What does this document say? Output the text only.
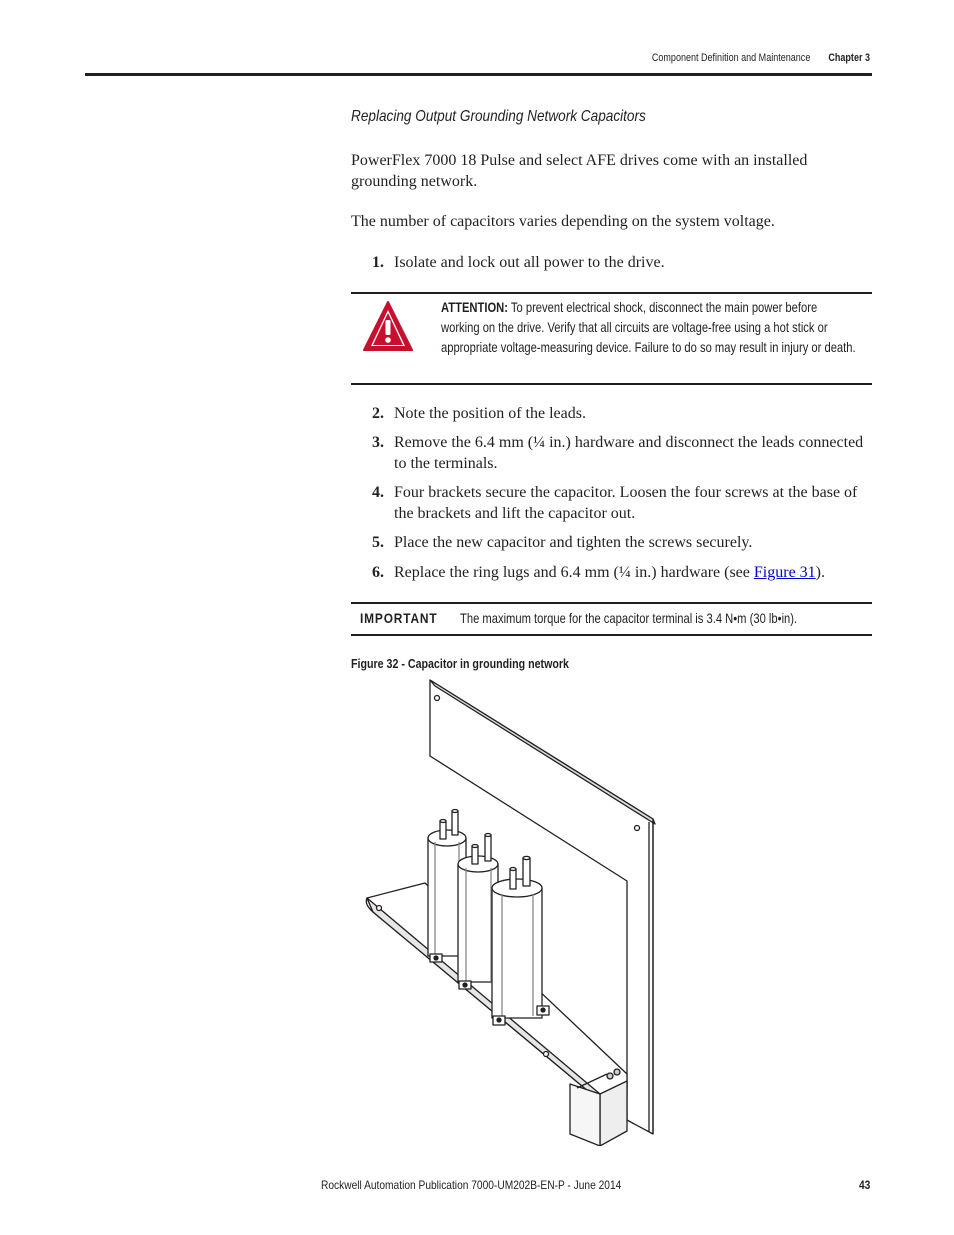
Component Definition and Maintenance Chapter 3
Replacing Output Grounding Network Capacitors
PowerFlex 7000 18 Pulse and select AFE drives come with an installed grounding network.
The number of capacitors varies depending on the system voltage.
1. Isolate and lock out all power to the drive.
ATTENTION: To prevent electrical shock, disconnect the main power before working on the drive. Verify that all circuits are voltage-free using a hot stick or appropriate voltage-measuring device. Failure to do so may result in injury or death.
2. Note the position of the leads.
3. Remove the 6.4 mm (¼ in.) hardware and disconnect the leads connected to the terminals.
4. Four brackets secure the capacitor. Loosen the four screws at the base of the brackets and lift the capacitor out.
5. Place the new capacitor and tighten the screws securely.
6. Replace the ring lugs and 6.4 mm (¼ in.) hardware (see Figure 31).
IMPORTANT The maximum torque for the capacitor terminal is 3.4 N•m (30 lb•in).
Figure 32 - Capacitor in grounding network
Rockwell Automation Publication 7000-UM202B-EN-P - June 2014	43
